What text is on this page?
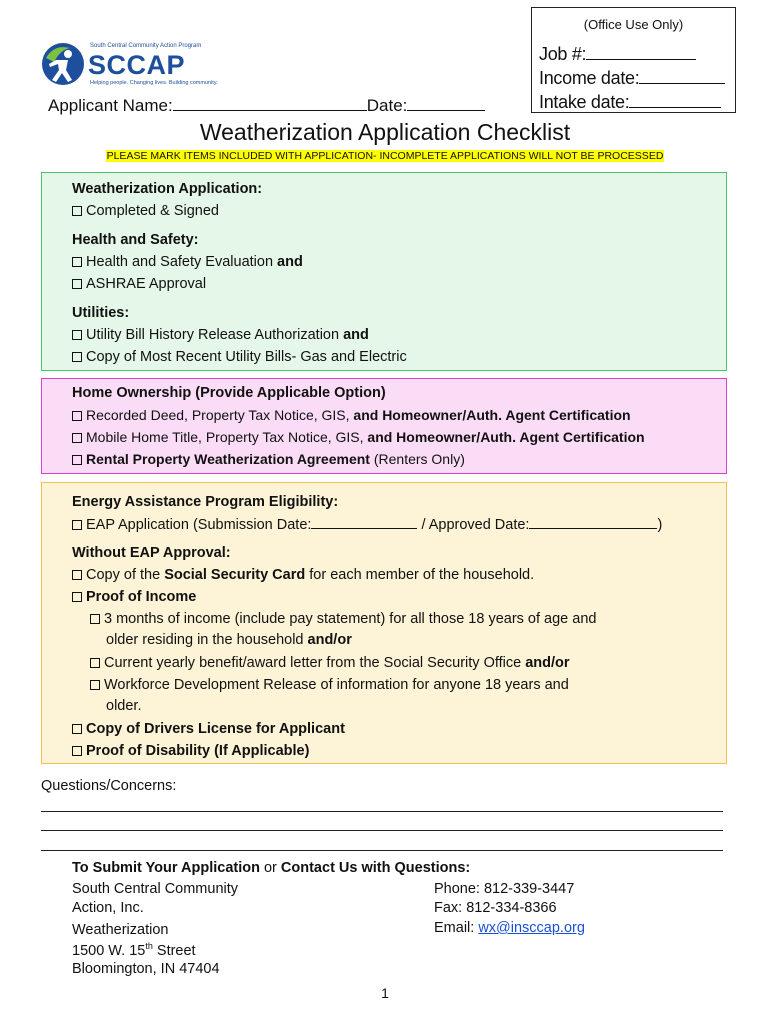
(Office Use Only)
Job #:
Income date:
Intake date:
South Central Community Action Program
SCCAP
Helping people. Changing lives. Building community.
Applicant Name:	Date:
Weatherization Application Checklist
PLEASE MARK ITEMS INCLUDED WITH APPLICATION- INCOMPLETE APPLICATIONS WILL NOT BE PROCESSED
Weatherization Application:
Completed & Signed
Health and Safety:
Health and Safety Evaluation and
ASHRAE Approval
Utilities:
Utility Bill History Release Authorization and
Copy of Most Recent Utility Bills- Gas and Electric
Home Ownership (Provide Applicable Option)
Recorded Deed, Property Tax Notice, GIS, and Homeowner/Auth. Agent Certification
Mobile Home Title, Property Tax Notice, GIS, and Homeowner/Auth. Agent Certification
Rental Property Weatherization Agreement (Renters Only)
Energy Assistance Program Eligibility:
EAP Application (Submission Date:	/ Approved Date:	)
Without EAP Approval:
Copy of the Social Security Card for each member of the household.
Proof of Income
3 months of income (include pay statement) for all those 18 years of age and
older residing in the household and/or
Current yearly benefit/award letter from the Social Security Office and/or
Workforce Development Release of information for anyone 18 years and
older.
Copy of Drivers License for Applicant
Proof of Disability (If Applicable)
Questions/Concerns:
To Submit Your Application or Contact Us with Questions:
South Central Community
Action, Inc.
Weatherization
1500 W. 15th Street
Bloomington, IN 47404
Phone: 812-339-3447
Fax: 812-334-8366
Email: wx@insccap.org
1
